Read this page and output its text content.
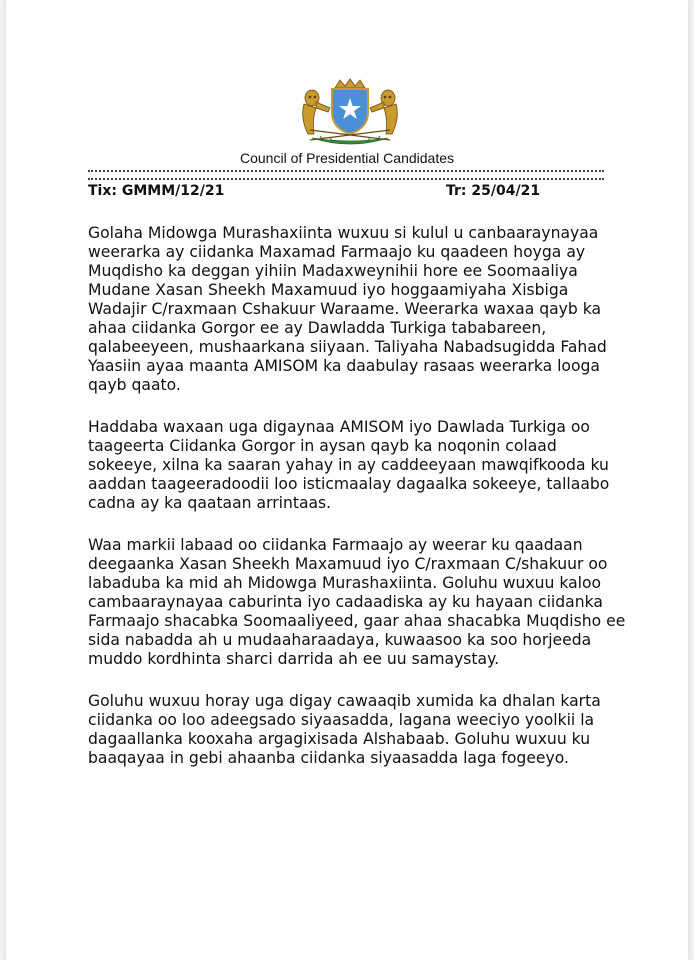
Council of Presidential Candidates
Tix: GMMM/12/21	Tr: 25/04/21

Golaha Midowga Murashaxiinta wuxuu si kulul u canbaaraynayaa weerarka ay ciidanka Maxamad Farmaajo ku qaadeen hoyga ay Muqdisho ka deggan yihiin Madaxweynihii hore ee Soomaaliya Mudane Xasan Sheekh Maxamuud iyo hoggaamiyaha Xisbiga Wadajir C/raxmaan Cshakuur Waraame. Weerarka waxaa qayb ka ahaa ciidanka Gorgor ee ay Dawladda Turkiga tababareen, qalabeeyeen, mushaarkana siiyaan. Taliyaha Nabadsugidda Fahad Yaasiin ayaa maanta AMISOM ka daabulay rasaas weerarka looga qayb qaato.

Haddaba waxaan uga digaynaa AMISOM iyo Dawlada Turkiga oo taageerta Ciidanka Gorgor in aysan qayb ka noqonin colaad sokeeye, xilna ka saaran yahay in ay caddeeyaan mawqifkooda ku aaddan taageeradoodii loo isticmaalay dagaalka sokeeye, tallaabo cadna ay ka qaataan arrintaas.

Waa markii labaad oo ciidanka Farmaajo ay weerar ku qaadaan deegaanka Xasan Sheekh Maxamuud iyo C/raxmaan C/shakuur oo labaduba ka mid ah Midowga Murashaxiinta. Goluhu wuxuu kaloo cambaaraynayaa caburinta iyo cadaadiska ay ku hayaan ciidanka Farmaajo shacabka Soomaaliyeed, gaar ahaa shacabka Muqdisho ee sida nabadda ah u mudaaharaadaya, kuwaasoo ka soo horjeeda muddo kordhinta sharci darrida ah ee uu samaystay.

Goluhu wuxuu horay uga digay cawaaqib xumida ka dhalan karta ciidanka oo loo adeegsado siyaasadda, lagana weeciyo yoolkii la dagaallanka kooxaha argagixisada Alshabaab. Goluhu wuxuu ku baaqayaa in gebi ahaanba ciidanka siyaasadda laga fogeeyo.
